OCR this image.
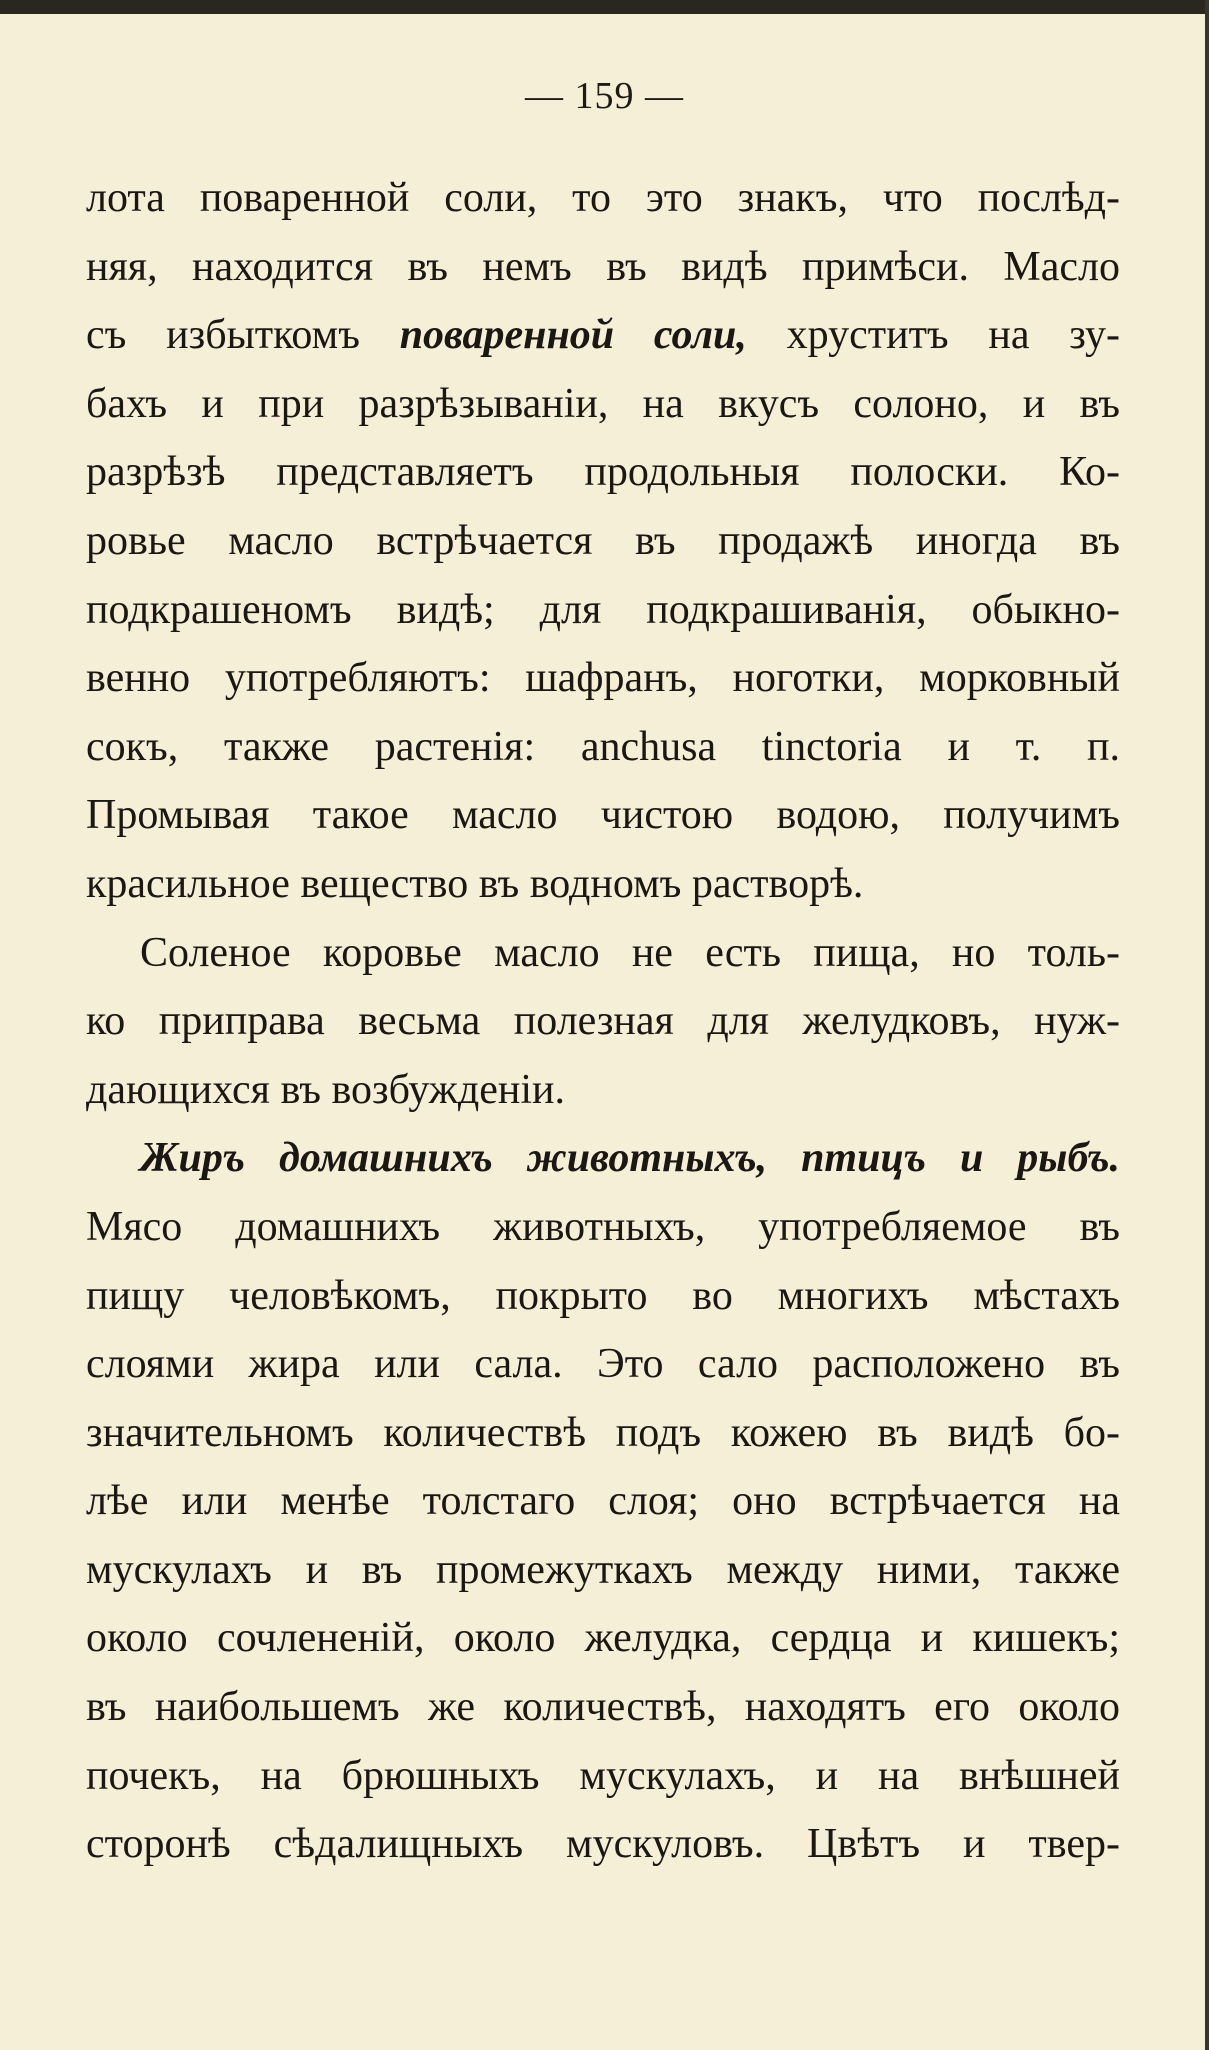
— 159 —
лота поваренной соли, то это знакъ, что послѣд-
няя, находится въ немъ въ видѣ примѣси. Масло
съ избыткомъ поваренной соли, хруститъ на зу-
бахъ и при разрѣзываніи, на вкусъ солоно, и въ
разрѣзѣ представляетъ продольныя полоски. Ко-
ровье масло встрѣчается въ продажѣ иногда въ
подкрашеномъ видѣ; для подкрашиванія, обыкно-
венно употребляютъ: шафранъ, ноготки, морковный
сокъ, также растенія: anchusa tinctoria и т. п.
Промывая такое масло чистою водою, получимъ
красильное вещество въ водномъ растворѣ.
Соленое коровье масло не есть пища, но толь-
ко приправа весьма полезная для желудковъ, нуж-
дающихся въ возбужденіи.
Жиръ домашнихъ животныхъ, птицъ и рыбъ.
Мясо домашнихъ животныхъ, употребляемое въ
пищу человѣкомъ, покрыто во многихъ мѣстахъ
слоями жира или сала. Это сало расположено въ
значительномъ количествѣ подъ кожею въ видѣ бо-
лѣе или менѣе толстаго слоя; оно встрѣчается на
мускулахъ и въ промежуткахъ между ними, также
около сочлененій, около желудка, сердца и кишекъ;
въ наибольшемъ же количествѣ, находятъ его около
почекъ, на брюшныхъ мускулахъ, и на внѣшней
сторонѣ сѣдалищныхъ мускуловъ. Цвѣтъ и твер-
